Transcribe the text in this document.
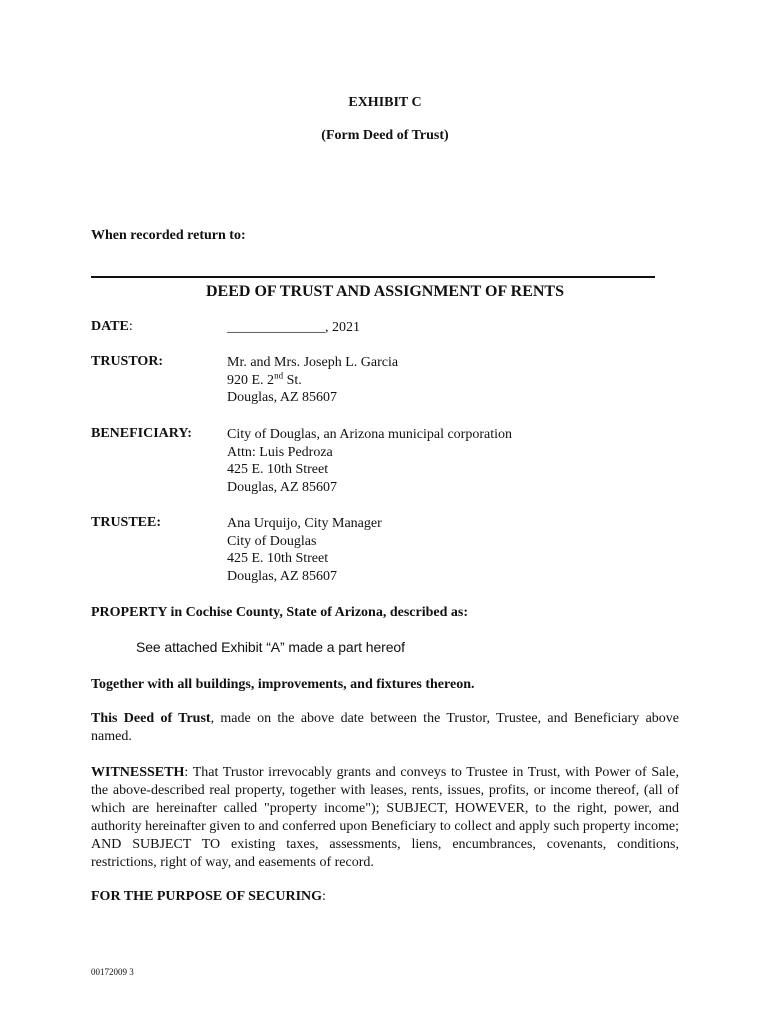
EXHIBIT C
(Form Deed of Trust)
When recorded return to:
DEED OF TRUST AND ASSIGNMENT OF RENTS
DATE:	______________, 2021
TRUSTOR:	Mr. and Mrs. Joseph L. Garcia
920 E. 2nd St.
Douglas, AZ 85607
BENEFICIARY:	City of Douglas, an Arizona municipal corporation
Attn: Luis Pedroza
425 E. 10th Street
Douglas, AZ 85607
TRUSTEE:	Ana Urquijo, City Manager
City of Douglas
425 E. 10th Street
Douglas, AZ 85607
PROPERTY in Cochise County, State of Arizona, described as:
See attached Exhibit “A” made a part hereof
Together with all buildings, improvements, and fixtures thereon.
This Deed of Trust, made on the above date between the Trustor, Trustee, and Beneficiary above named.
WITNESSETH: That Trustor irrevocably grants and conveys to Trustee in Trust, with Power of Sale, the above-described real property, together with leases, rents, issues, profits, or income thereof, (all of which are hereinafter called "property income"); SUBJECT, HOWEVER, to the right, power, and authority hereinafter given to and conferred upon Beneficiary to collect and apply such property income; AND SUBJECT TO existing taxes, assessments, liens, encumbrances, covenants, conditions, restrictions, right of way, and easements of record.
FOR THE PURPOSE OF SECURING:
00172009 3
